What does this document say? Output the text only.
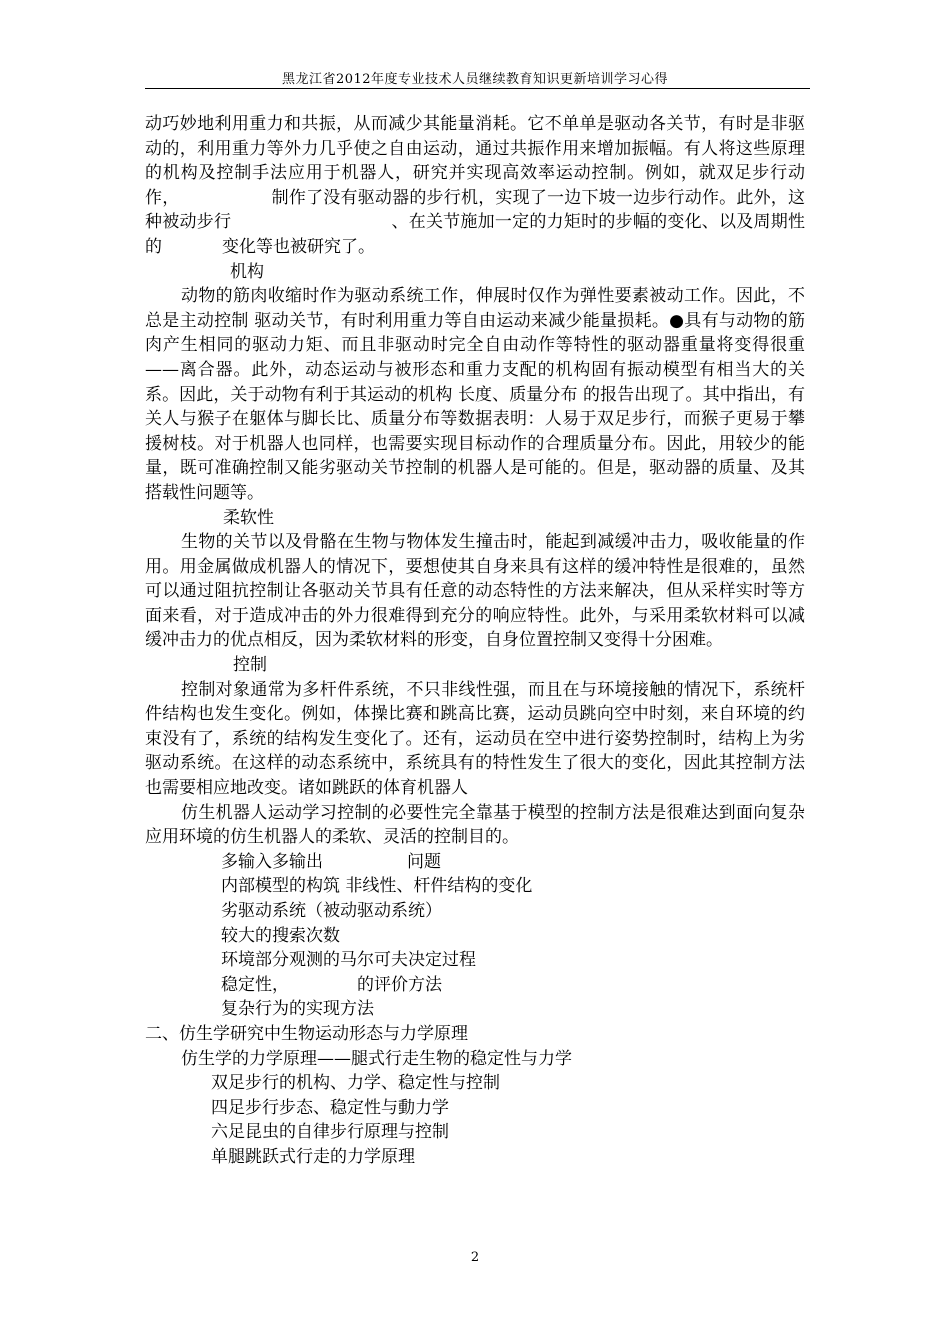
黑龙江省2012年度专业技术人员继续教育知识更新培训学习心得

动巧妙地利用重力和共振，从而减少其能量消耗。它不单单是驱动各关节，有时是非驱动的，利用重力等外力几乎使之自由运动，通过共振作用来增加振幅。有人将这些原理的机构及控制手法应用于机器人，研究并实现高效率运动控制。例如，就双足步行动作，	制作了没有驱动器的步行机，实现了一边下坡一边步行动作。此外，这种被动步行	、在关节施加一定的力矩时的步幅的变化、以及周期性的	变化等也被研究了。

机构

动物的筋肉收缩时作为驱动系统工作，伸展时仅作为弹性要素被动工作。因此，不总是主动控制 驱动关节，有时利用重力等自由运动来减少能量损耗。●具有与动物的筋肉产生相同的驱动力矩、而且非驱动时完全自由动作等特性的驱动器重量将变得很重——离合器。此外，动态运动与被形态和重力支配的机构固有振动模型有相当大的关系。因此，关于动物有利于其运动的机构 长度、质量分布 的报告出现了。其中指出，有关人与猴子在躯体与脚长比、质量分布等数据表明：人易于双足步行，而猴子更易于攀援树枝。对于机器人也同样，也需要实现目标动作的合理质量分布。因此，用较少的能量，既可准确控制又能劣驱动关节控制的机器人是可能的。但是，驱动器的质量、及其搭载性问题等。

柔软性

生物的关节以及骨骼在生物与物体发生撞击时，能起到减缓冲击力，吸收能量的作用。用金属做成机器人的情况下，要想使其自身来具有这样的缓冲特性是很难的，虽然可以通过阻抗控制让各驱动关节具有任意的动态特性的方法来解决，但从采样实时等方面来看，对于造成冲击的外力很难得到充分的响应特性。此外，与采用柔软材料可以减缓冲击力的优点相反，因为柔软材料的形变，自身位置控制又变得十分困难。

控制

控制对象通常为多杆件系统，不只非线性强，而且在与环境接触的情况下，系统杆件结构也发生变化。例如，体操比赛和跳高比赛，运动员跳向空中时刻，来自环境的约束没有了，系统的结构发生变化了。还有，运动员在空中进行姿势控制时，结构上为劣驱动系统。在这样的动态系统中，系统具有的特性发生了很大的变化，因此其控制方法也需要相应地改变。诸如跳跃的体育机器人

仿生机器人运动学习控制的必要性完全靠基于模型的控制方法是很难达到面向复杂应用环境的仿生机器人的柔软、灵活的控制目的。

多输入多输出	问题

内部模型的构筑 非线性、杆件结构的变化

劣驱动系统（被动驱动系统）

较大的搜索次数

环境部分观测的马尔可夫决定过程

稳定性，	的评价方法

复杂行为的实现方法

二、仿生学研究中生物运动形态与力学原理

仿生学的力学原理——腿式行走生物的稳定性与力学

双足步行的机构、力学、稳定性与控制

四足步行步态、稳定性与動力学

六足昆虫的自律步行原理与控制

单腿跳跃式行走的力学原理

2
